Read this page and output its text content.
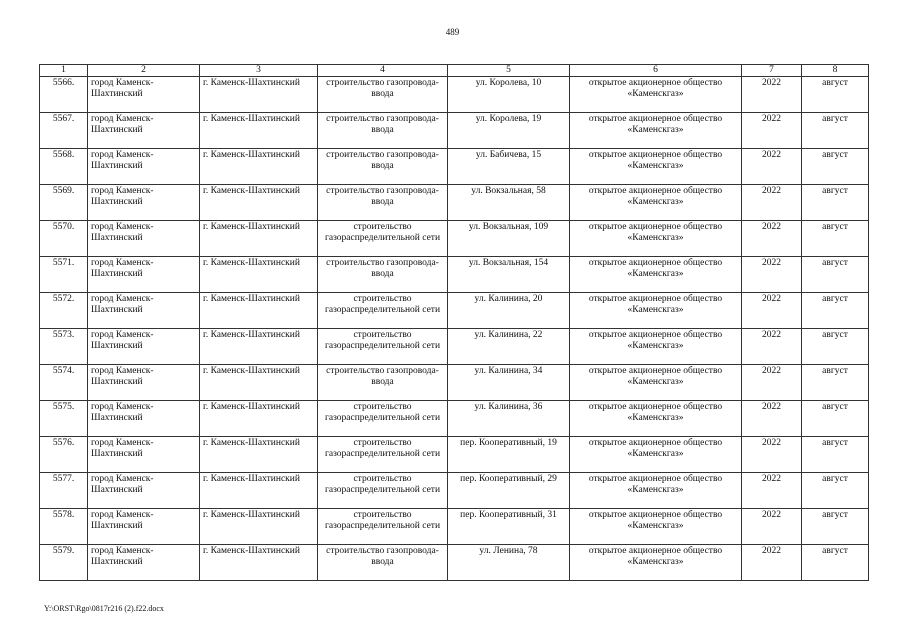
489
1	2	3	4	5	6	7	8
5566.	город Каменск-Шахтинский	г. Каменск-Шахтинский	строительство газопровода-ввода	ул. Королева, 10	открытое акционерное общество «Каменскгаз»	2022	август
5567.	город Каменск-Шахтинский	г. Каменск-Шахтинский	строительство газопровода-ввода	ул. Королева, 19	открытое акционерное общество «Каменскгаз»	2022	август
5568.	город Каменск-Шахтинский	г. Каменск-Шахтинский	строительство газопровода-ввода	ул. Бабичева, 15	открытое акционерное общество «Каменскгаз»	2022	август
5569.	город Каменск-Шахтинский	г. Каменск-Шахтинский	строительство газопровода-ввода	ул. Вокзальная, 58	открытое акционерное общество «Каменскгаз»	2022	август
5570.	город Каменск-Шахтинский	г. Каменск-Шахтинский	строительство газораспределительной сети	ул. Вокзальная, 109	открытое акционерное общество «Каменскгаз»	2022	август
5571.	город Каменск-Шахтинский	г. Каменск-Шахтинский	строительство газопровода-ввода	ул. Вокзальная, 154	открытое акционерное общество «Каменскгаз»	2022	август
5572.	город Каменск-Шахтинский	г. Каменск-Шахтинский	строительство газораспределительной сети	ул. Калинина, 20	открытое акционерное общество «Каменскгаз»	2022	август
5573.	город Каменск-Шахтинский	г. Каменск-Шахтинский	строительство газораспределительной сети	ул. Калинина, 22	открытое акционерное общество «Каменскгаз»	2022	август
5574.	город Каменск-Шахтинский	г. Каменск-Шахтинский	строительство газопровода-ввода	ул. Калинина, 34	открытое акционерное общество «Каменскгаз»	2022	август
5575.	город Каменск-Шахтинский	г. Каменск-Шахтинский	строительство газораспределительной сети	ул. Калинина, 36	открытое акционерное общество «Каменскгаз»	2022	август
5576.	город Каменск-Шахтинский	г. Каменск-Шахтинский	строительство газораспределительной сети	пер. Кооперативный, 19	открытое акционерное общество «Каменскгаз»	2022	август
5577.	город Каменск-Шахтинский	г. Каменск-Шахтинский	строительство газораспределительной сети	пер. Кооперативный, 29	открытое акционерное общество «Каменскгаз»	2022	август
5578.	город Каменск-Шахтинский	г. Каменск-Шахтинский	строительство газораспределительной сети	пер. Кооперативный, 31	открытое акционерное общество «Каменскгаз»	2022	август
5579.	город Каменск-Шахтинский	г. Каменск-Шахтинский	строительство газопровода-ввода	ул. Ленина, 78	открытое акционерное общество «Каменскгаз»	2022	август
Y:\ORST\Rgo\0817r216 (2).f22.docx
